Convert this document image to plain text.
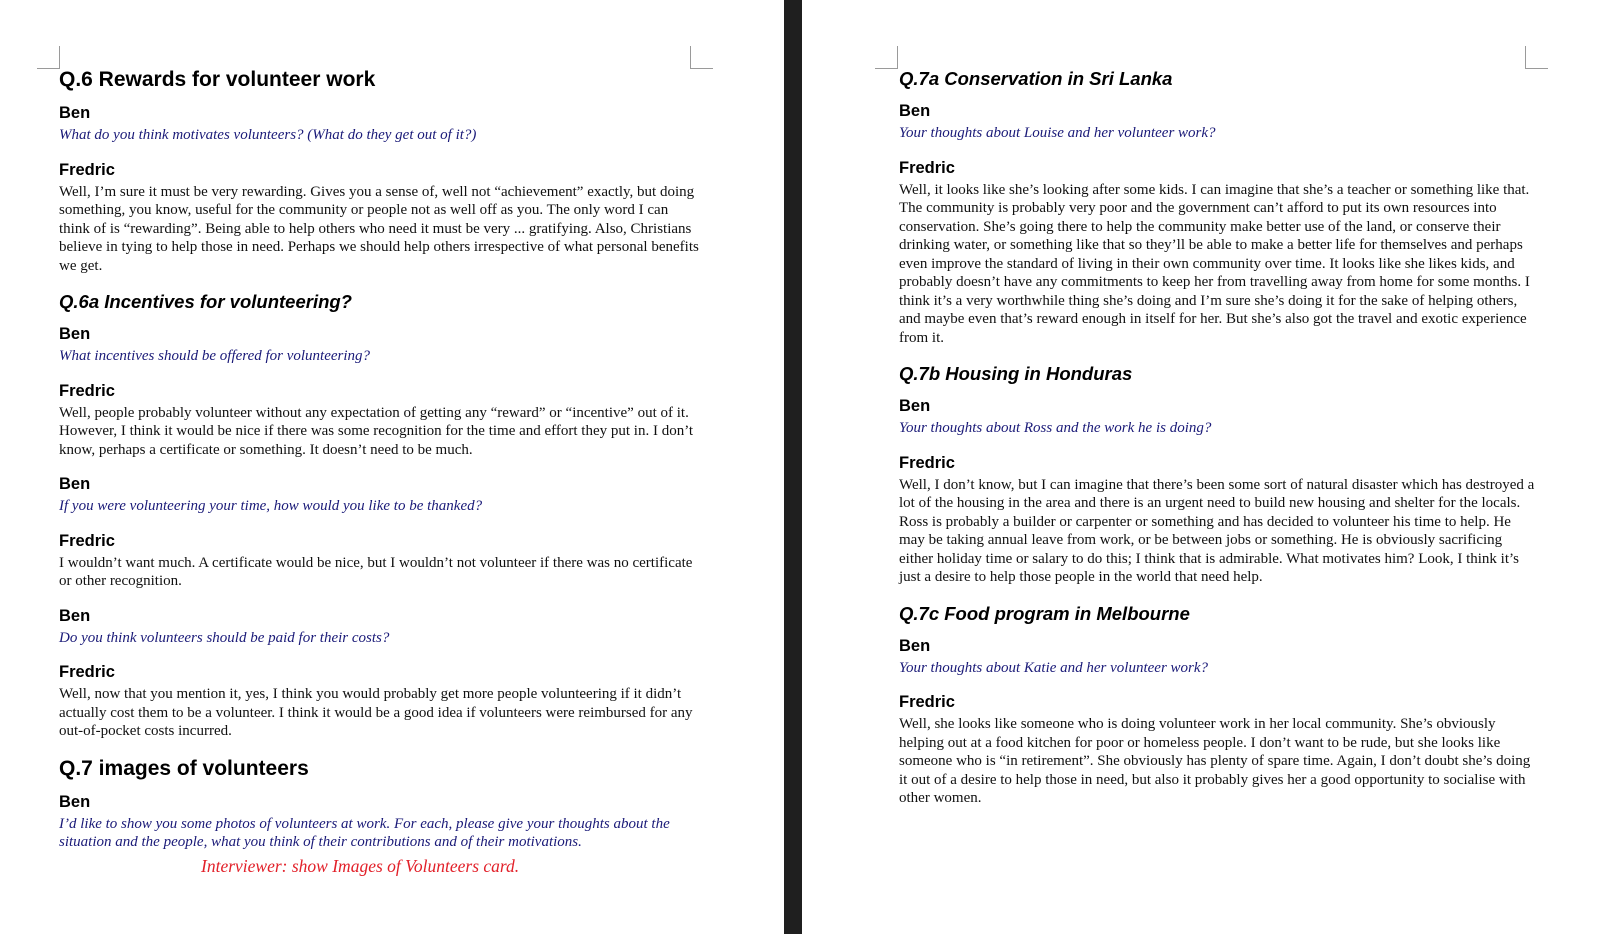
Q.6 Rewards for volunteer work
Ben

What do you think motivates volunteers? (What do they get out of it?)

Fredric

Well, I’m sure it must be very rewarding. Gives you a sense of, well not “achievement” exactly, but doing something, you know, useful for the community or people not as well off as you. The only word I can think of is “rewarding”. Being able to help others who need it must be very ... gratifying. Also, Christians believe in tying to help those in need. Perhaps we should help others irrespective of what personal benefits we get.

Q.6a Incentives for volunteering?
Ben

What incentives should be offered for volunteering?

Fredric

Well, people probably volunteer without any expectation of getting any “reward” or “incentive” out of it. However, I think it would be nice if there was some recognition for the time and effort they put in. I don’t know, perhaps a certificate or something. It doesn’t need to be much.

Ben

If you were volunteering your time, how would you like to be thanked?

Fredric

I wouldn’t want much. A certificate would be nice, but I wouldn’t not volunteer if there was no certificate or other recognition.

Ben

Do you think volunteers should be paid for their costs?

Fredric

Well, now that you mention it, yes, I think you would probably get more people volunteering if it didn’t actually cost them to be a volunteer. I think it would be a good idea if volunteers were reimbursed for any out-of-pocket costs incurred.

Q.7 images of volunteers
Ben

I’d like to show you some photos of volunteers at work. For each, please give your thoughts about the situation and the people, what you think of their contributions and of their motivations.

Interviewer: show Images of Volunteers card.

Q.7a Conservation in Sri Lanka
Ben

Your thoughts about Louise and her volunteer work?

Fredric

Well, it looks like she’s looking after some kids. I can imagine that she’s a teacher or something like that. The community is probably very poor and the government can’t afford to put its own resources into conservation. She’s going there to help the community make better use of the land, or conserve their drinking water, or something like that so they’ll be able to make a better life for themselves and perhaps even improve the standard of living in their own community over time. It looks like she likes kids, and probably doesn’t have any commitments to keep her from travelling away from home for some months. I think it’s a very worthwhile thing she’s doing and I’m sure she’s doing it for the sake of helping others, and maybe even that’s reward enough in itself for her. But she’s also got the travel and exotic experience from it.

Q.7b Housing in Honduras
Ben

Your thoughts about Ross and the work he is doing?

Fredric

Well, I don’t know, but I can imagine that there’s been some sort of natural disaster which has destroyed a lot of the housing in the area and there is an urgent need to build new housing and shelter for the locals. Ross is probably a builder or carpenter or something and has decided to volunteer his time to help. He may be taking annual leave from work, or be between jobs or something. He is obviously sacrificing either holiday time or salary to do this; I think that is admirable. What motivates him? Look, I think it’s just a desire to help those people in the world that need help.

Q.7c Food program in Melbourne
Ben

Your thoughts about Katie and her volunteer work?

Fredric

Well, she looks like someone who is doing volunteer work in her local community. She’s obviously helping out at a food kitchen for poor or homeless people. I don’t want to be rude, but she looks like someone who is “in retirement”. She obviously has plenty of spare time. Again, I don’t doubt she’s doing it out of a desire to help those in need, but also it probably gives her a good opportunity to socialise with other women.
